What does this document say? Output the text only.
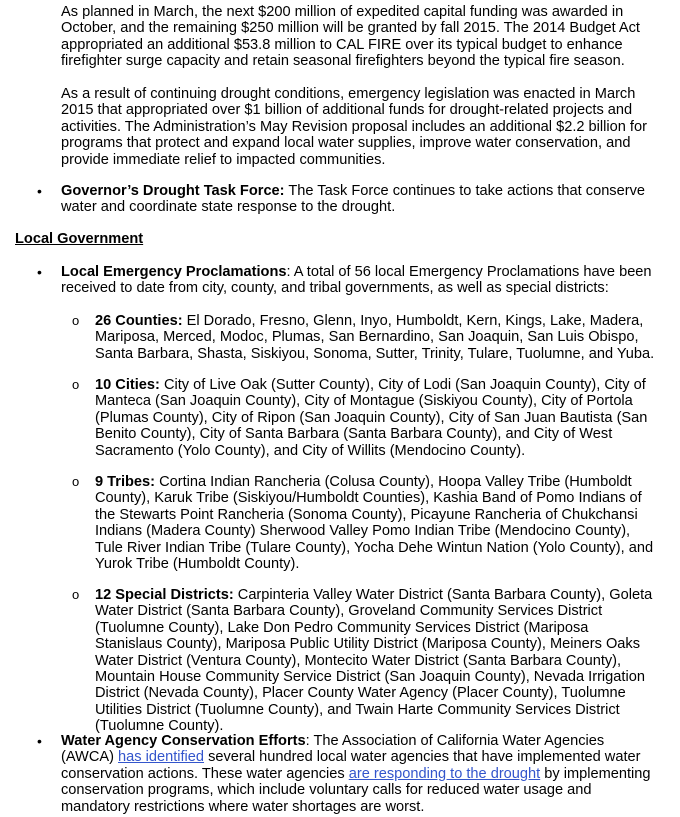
As planned in March, the next $200 million of expedited capital funding was awarded in October, and the remaining $250 million will be granted by fall 2015. The 2014 Budget Act appropriated an additional $53.8 million to CAL FIRE over its typical budget to enhance firefighter surge capacity and retain seasonal firefighters beyond the typical fire season.

As a result of continuing drought conditions, emergency legislation was enacted in March 2015 that appropriated over $1 billion of additional funds for drought-related projects and activities. The Administration’s May Revision proposal includes an additional $2.2 billion for programs that protect and expand local water supplies, improve water conservation, and provide immediate relief to impacted communities.

• Governor’s Drought Task Force: The Task Force continues to take actions that conserve water and coordinate state response to the drought.

Local Government
• Local Emergency Proclamations: A total of 56 local Emergency Proclamations have been received to date from city, county, and tribal governments, as well as special districts:

o 26 Counties: El Dorado, Fresno, Glenn, Inyo, Humboldt, Kern, Kings, Lake, Madera, Mariposa, Merced, Modoc, Plumas, San Bernardino, San Joaquin, San Luis Obispo, Santa Barbara, Shasta, Siskiyou, Sonoma, Sutter, Trinity, Tulare, Tuolumne, and Yuba.

o 10 Cities: City of Live Oak (Sutter County), City of Lodi (San Joaquin County), City of Manteca (San Joaquin County), City of Montague (Siskiyou County), City of Portola (Plumas County), City of Ripon (San Joaquin County), City of San Juan Bautista (San Benito County), City of Santa Barbara (Santa Barbara County), and City of West Sacramento (Yolo County), and City of Willits (Mendocino County).

o 9 Tribes: Cortina Indian Rancheria (Colusa County), Hoopa Valley Tribe (Humboldt County), Karuk Tribe (Siskiyou/Humboldt Counties), Kashia Band of Pomo Indians of the Stewarts Point Rancheria (Sonoma County), Picayune Rancheria of Chukchansi Indians (Madera County) Sherwood Valley Pomo Indian Tribe (Mendocino County), Tule River Indian Tribe (Tulare County), Yocha Dehe Wintun Nation (Yolo County), and Yurok Tribe (Humboldt County).

o 12 Special Districts: Carpinteria Valley Water District (Santa Barbara County), Goleta Water District (Santa Barbara County), Groveland Community Services District (Tuolumne County), Lake Don Pedro Community Services District (Mariposa Stanislaus County), Mariposa Public Utility District (Mariposa County), Meiners Oaks Water District (Ventura County), Montecito Water District (Santa Barbara County), Mountain House Community Service District (San Joaquin County), Nevada Irrigation District (Nevada County), Placer County Water Agency (Placer County), Tuolumne Utilities District (Tuolumne County), and Twain Harte Community Services District (Tuolumne County).

• Water Agency Conservation Efforts: The Association of California Water Agencies (AWCA) has identified several hundred local water agencies that have implemented water conservation actions. These water agencies are responding to the drought by implementing conservation programs, which include voluntary calls for reduced water usage and mandatory restrictions where water shortages are worst.
